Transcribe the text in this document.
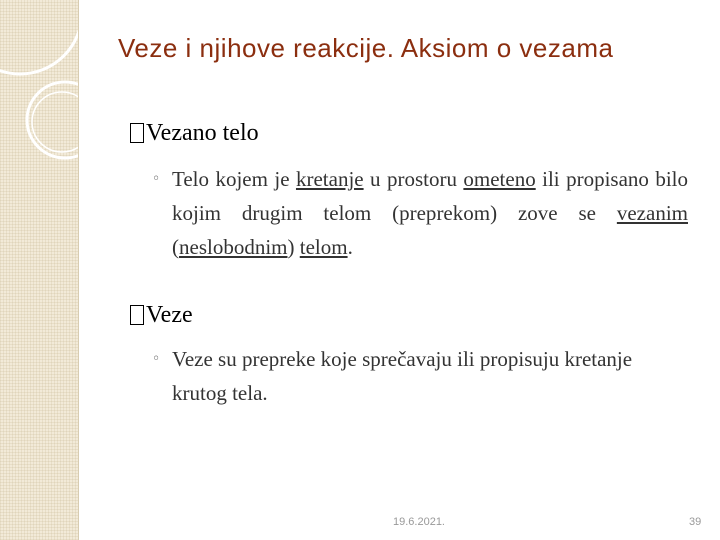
Veze i njihove reakcije. Aksiom o vezama
Vezano telo
◦ Telo kojem je kretanje u prostoru ometeno ili propisano bilo kojim drugim telom (preprekom) zove se vezanim (neslobodnim) telom.
Veze
◦ Veze su prepreke koje sprečavaju ili propisuju kretanje krutog tela.
19.6.2021.	39
